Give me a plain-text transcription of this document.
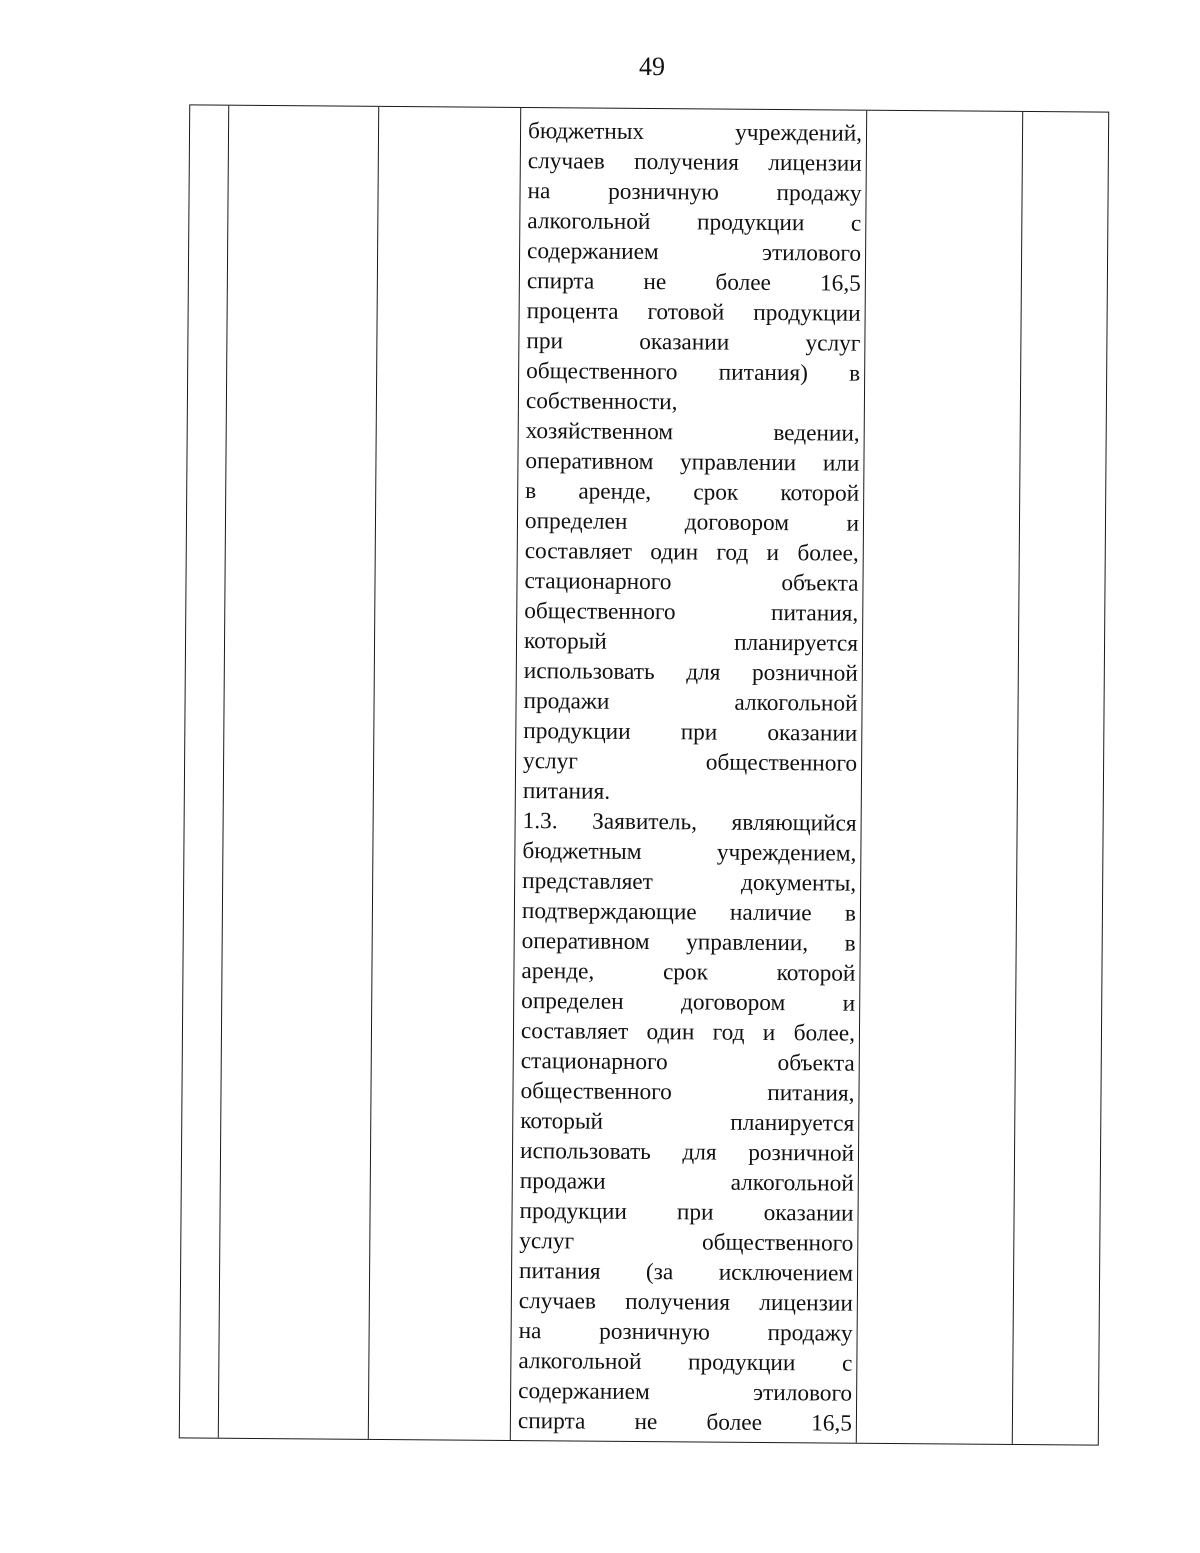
49
бюджетных учреждений,
случаев получения лицензии
на розничную продажу
алкогольной продукции с
содержанием этилового
спирта не более 16,5
процента готовой продукции
при оказании услуг
общественного питания) в
собственности,
хозяйственном ведении,
оперативном управлении или
в аренде, срок которой
определен договором и
составляет один год и более,
стационарного объекта
общественного питания,
который планируется
использовать для розничной
продажи алкогольной
продукции при оказании
услуг общественного
питания.
1.3. Заявитель, являющийся
бюджетным учреждением,
представляет документы,
подтверждающие наличие в
оперативном управлении, в
аренде, срок которой
определен договором и
составляет один год и более,
стационарного объекта
общественного питания,
который планируется
использовать для розничной
продажи алкогольной
продукции при оказании
услуг общественного
питания (за исключением
случаев получения лицензии
на розничную продажу
алкогольной продукции с
содержанием этилового
спирта не более 16,5
